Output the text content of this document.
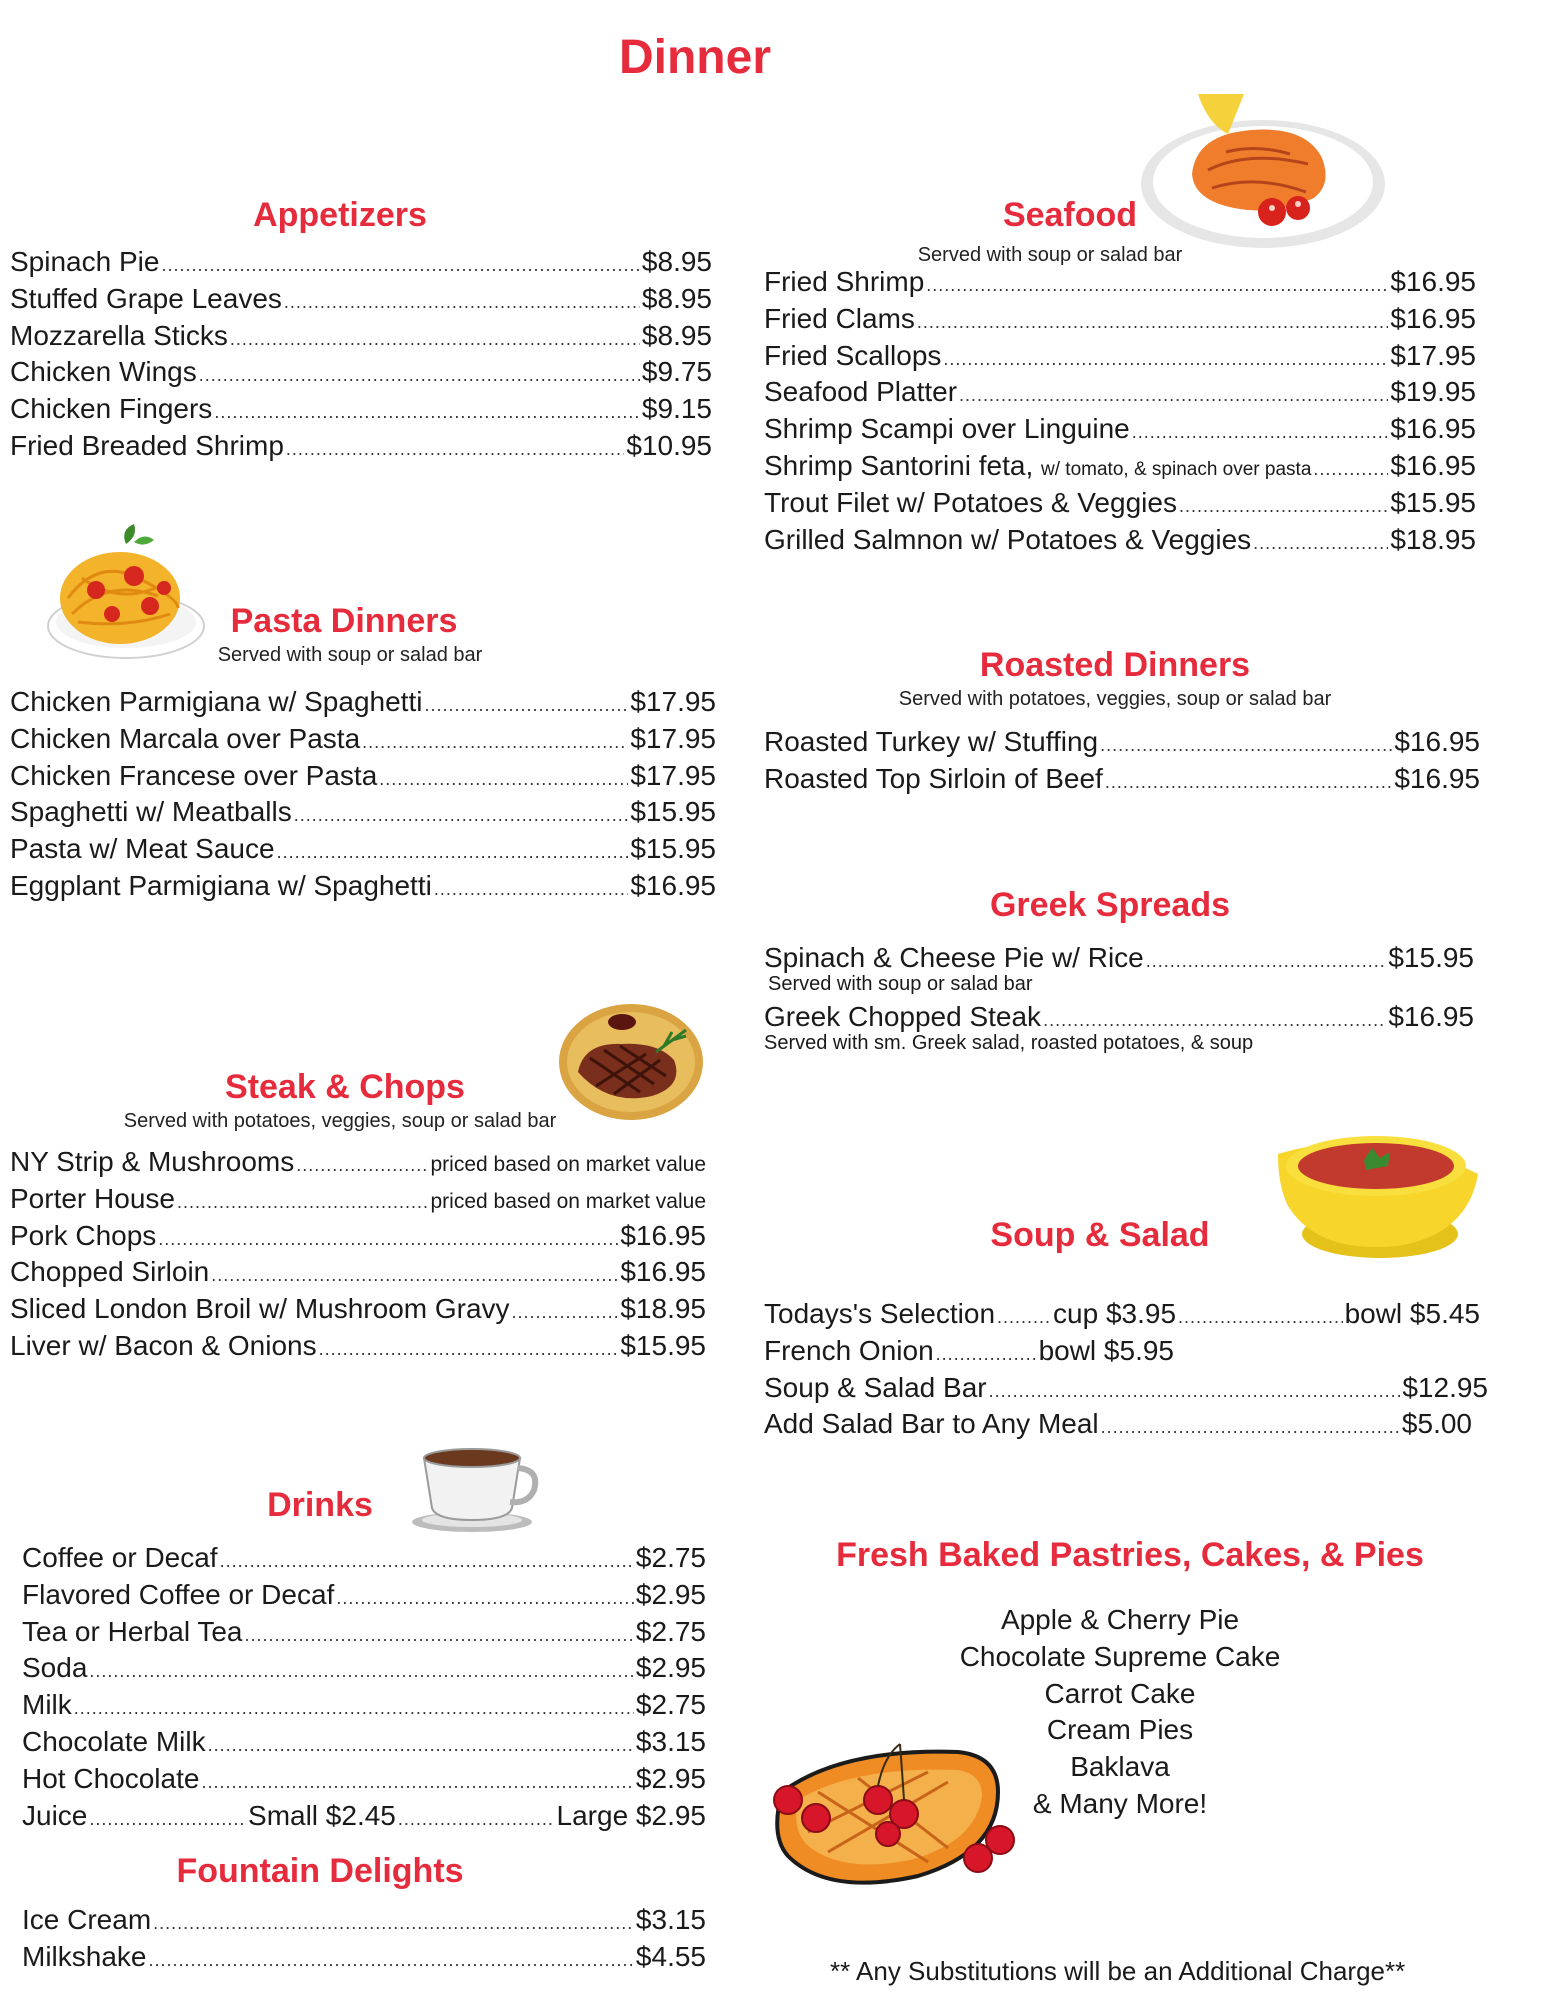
Dinner
Appetizers
Spinach Pie .....	$8.95
Stuffed Grape Leaves .....	$8.95
Mozzarella Sticks .....	$8.95
Chicken Wings .....	$9.75
Chicken Fingers .....	$9.15
Fried Breaded Shrimp .....	$10.95
Pasta Dinners
Served with soup or salad bar
Chicken Parmigiana w/ Spaghetti .....	$17.95
Chicken Marcala over Pasta .....	$17.95
Chicken Francese over Pasta .....	$17.95
Spaghetti w/ Meatballs .....	$15.95
Pasta w/ Meat Sauce .....	$15.95
Eggplant Parmigiana w/ Spaghetti .....	$16.95
Steak & Chops
Served with potatoes, veggies, soup or salad bar
NY Strip & Mushrooms .....	priced based on market value
Porter House .....	priced based on market value
Pork Chops .....	$16.95
Chopped Sirloin .....	$16.95
Sliced London Broil w/ Mushroom Gravy .....	$18.95
Liver w/ Bacon & Onions .....	$15.95
Drinks
Coffee or Decaf .....	$2.75
Flavored Coffee or Decaf .....	$2.95
Tea or Herbal Tea .....	$2.75
Soda .....	$2.95
Milk .....	$2.75
Chocolate Milk .....	$3.15
Hot Chocolate .....	$2.95
Juice .....	Small $2.45 .....	Large $2.95
Fountain Delights
Ice Cream .....	$3.15
Milkshake .....	$4.55
Seafood
Served with soup or salad bar
Fried Shrimp .....	$16.95
Fried Clams .....	$16.95
Fried Scallops .....	$17.95
Seafood Platter .....	$19.95
Shrimp Scampi over Linguine .....	$16.95
Shrimp Santorini feta, w/ tomato, & spinach over pasta .....	$16.95
Trout Filet w/ Potatoes & Veggies .....	$15.95
Grilled Salmnon w/ Potatoes & Veggies .....	$18.95
Roasted Dinners
Served with potatoes, veggies, soup or salad bar
Roasted Turkey w/ Stuffing .....	$16.95
Roasted Top Sirloin of Beef .....	$16.95
Greek Spreads
Spinach & Cheese Pie w/ Rice .....	$15.95
Served with soup or salad bar
Greek Chopped Steak .....	$16.95
Served with sm. Greek salad, roasted potatoes, & soup
Soup & Salad
Todays's Selection ..... cup $3.95 .....	bowl $5.45
French Onion .....	bowl $5.95
Soup & Salad Bar .....	$12.95
Add Salad Bar to Any Meal .....	$5.00
Fresh Baked Pastries, Cakes, & Pies
Apple & Cherry Pie
Chocolate Supreme Cake
Carrot Cake
Cream Pies
Baklava
& Many More!
** Any Substitutions will be an Additional Charge**
